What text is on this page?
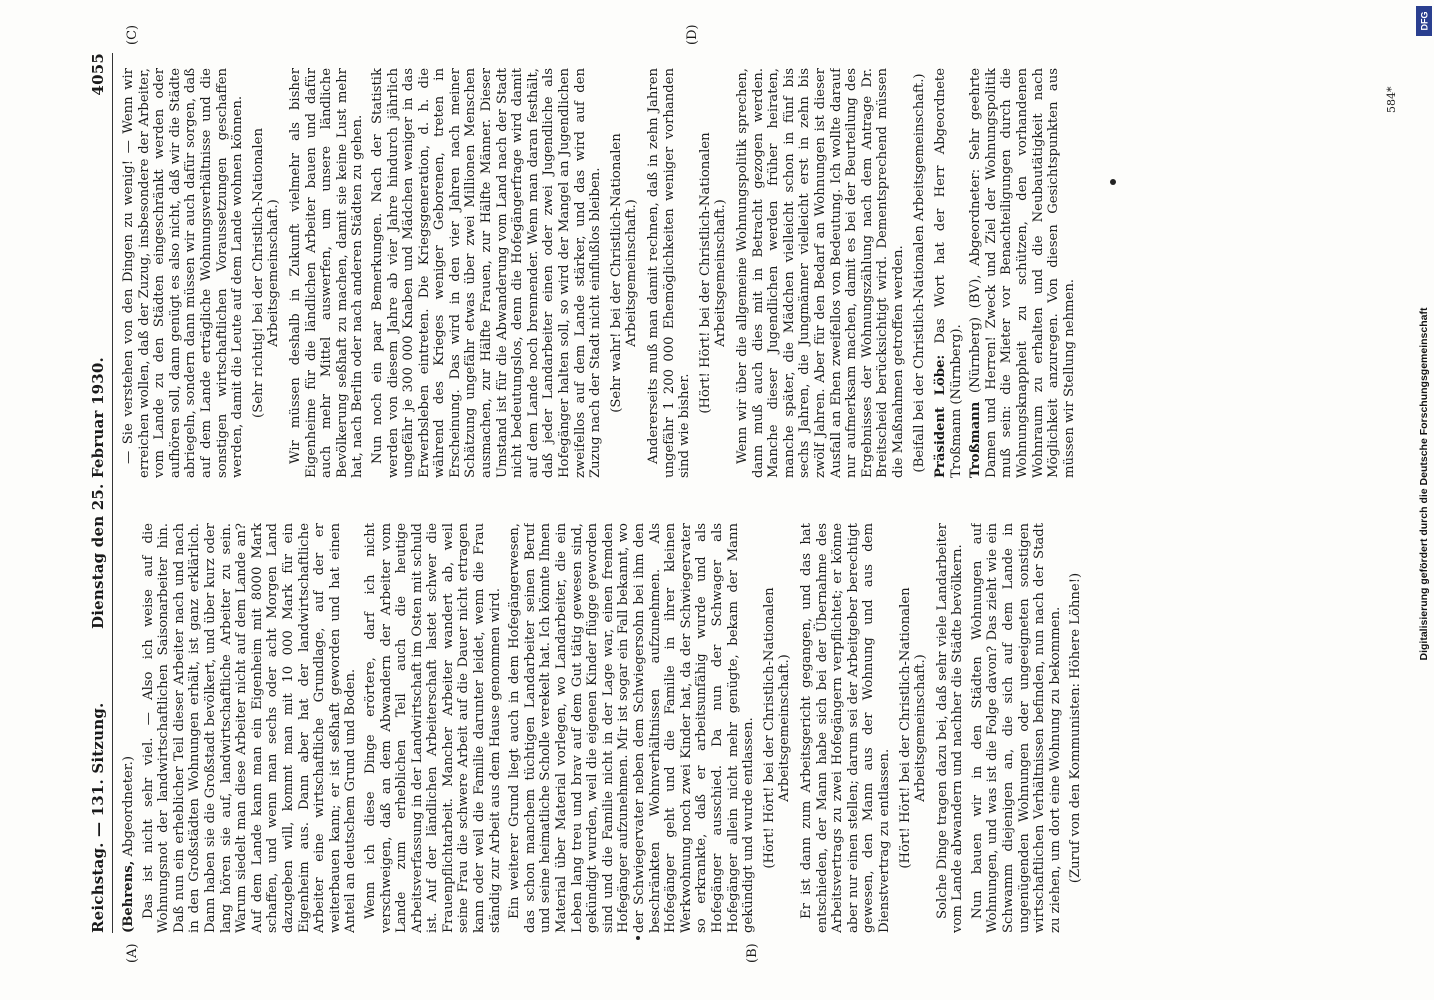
Reichstag. — 131. Sitzung.
Dienstag den 25. Februar 1930.
4055

(Behrens, Abgeordneter.) Das ist nicht sehr viel. — Also ich weise auf die Wohnungsnot der landwirtschaftlichen Saisonarbeiter hin. Daß nun ein erheblicher Teil dieser Arbeiter nach und nach in den Großstädten Wohnungen erhält, ist ganz erklärlich. Dann haben sie die Großstadt bevölkert, und über kurz oder lang hören sie auf, landwirtschaftliche Arbeiter zu sein. Warum siedelt man diese Arbeiter nicht auf dem Lande an? Auf dem Lande kann man ein Eigenheim mit 8000 Mark schaffen, und wenn man sechs oder acht Morgen Land dazugeben will, kommt man mit 10 000 Mark für ein Eigenheim aus. Dann aber hat der landwirtschaftliche Arbeiter eine wirtschaftliche Grundlage, auf der er weiterbauen kann; er ist seßhaft geworden und hat einen Anteil an deutschem Grund und Boden. Wenn ich diese Dinge erörtere, darf ich nicht verschweigen, daß an dem Abwandern der Arbeiter vom Lande zum erheblichen Teil auch die heutige Arbeitsverfassung in der Landwirtschaft im Osten mit schuld ist. Auf der ländlichen Arbeiterschaft lastet schwer die Frauenpflichtarbeit. Mancher Arbeiter wandert ab, weil seine Frau die schwere Arbeit auf die Dauer nicht ertragen kann oder weil die Familie darunter leidet, wenn die Frau ständig zur Arbeit aus dem Hause genommen wird. Ein weiterer Grund liegt auch in dem Hofegängerwesen, das schon manchem tüchtigen Landarbeiter seinen Beruf und seine heimatliche Scholle verekelt hat. Ich könnte Ihnen Material über Material vorlegen, wo Landarbeiter, die ein Leben lang treu und brav auf dem Gut tätig gewesen sind, gekündigt wurden, weil die eigenen Kinder flügge geworden sind und die Familie nicht in der Lage war, einen fremden Hofegänger aufzunehmen. Mir ist sogar ein Fall bekannt, wo der Schwiegervater neben dem Schwiegersohn bei ihm den beschränkten Wohnverhältnissen aufzunehmen. Als Hofegänger geht und die Familie in ihrer kleinen Werkwohnung noch zwei Kinder hat, da der Schwiegervater so erkrankte, daß er arbeitsunfähig wurde und als Hofegänger ausschied. Da nun der Schwager als Hofegänger allein nicht mehr genügte, bekam der Mann gekündigt und wurde entlassen. (Hört! Hört! bei der Christlich-Nationalen Arbeitsgemeinschaft.) Er ist dann zum Arbeitsgericht gegangen, und das hat entschieden, der Mann habe sich bei der Übernahme des Arbeitsvertrags zu zwei Hofegängern verpflichtet; er könne aber nur einen stellen; darum sei der Arbeitgeber berechtigt gewesen, den Mann aus der Wohnung und aus dem Dienstvertrag zu entlassen. (Hört! Hört! bei der Christlich-Nationalen Arbeitsgemeinschaft.) Solche Dinge tragen dazu bei, daß sehr viele Landarbeiter vom Lande abwandern und nachher die Städte bevölkern. Nun bauen wir in den Städten Wohnungen auf Wohnungen, und was ist die Folge davon? Das zieht wie ein Schwamm diejenigen an, die sich auf dem Lande in ungenügenden Wohnungen oder ungeeigneten sonstigen wirtschaftlichen Verhältnissen befinden, nun nach der Stadt zu ziehen, um dort eine Wohnung zu bekommen. (Zuruf von den Kommunisten: Höhere Löhne!)

— Sie verstehen von den Dingen zu wenig! — Wenn wir erreichen wollen, daß der Zuzug, insbesondere der Arbeiter, vom Lande zu den Städten eingeschränkt werden oder aufhören soll, dann genügt es also nicht, daß wir die Städte abriegeln, sondern dann müssen wir auch dafür sorgen, daß auf dem Lande erträgliche Wohnungsverhältnisse und die sonstigen wirtschaftlichen Voraussetzungen geschaffen werden, damit die Leute auf dem Lande wohnen können. (Sehr richtig! bei der Christlich-Nationalen Arbeitsgemeinschaft.) Wir müssen deshalb in Zukunft vielmehr als bisher Eigenheime für die ländlichen Arbeiter bauen und dafür auch mehr Mittel auswerfen, um unsere ländliche Bevölkerung seßhaft zu machen, damit sie keine Lust mehr hat, nach Berlin oder nach anderen Städten zu gehen. Nun noch ein paar Bemerkungen. Nach der Statistik werden von diesem Jahre ab vier Jahre hindurch jährlich ungefähr je 300 000 Knaben und Mädchen weniger in das Erwerbsleben eintreten. Die Kriegsgeneration, d. h. die während des Krieges weniger Geborenen, treten in Erscheinung. Das wird in den vier Jahren nach meiner Schätzung ungefähr etwas über zwei Millionen Menschen ausmachen, zur Hälfte Frauen, zur Hälfte Männer. Dieser Umstand ist für die Abwanderung vom Land nach der Stadt nicht bedeutungslos, denn die Hofegängerfrage wird damit auf dem Lande noch brennender. Wenn man daran festhält, daß jeder Landarbeiter einen oder zwei Jugendliche als Hofegänger halten soll, so wird der Mangel an Jugendlichen zweifellos auf dem Lande stärker, und das wird auf den Zuzug nach der Stadt nicht einflußlos bleiben. (Sehr wahr! bei der Christlich-Nationalen Arbeitsgemeinschaft.) Andererseits muß man damit rechnen, daß in zehn Jahren ungefähr 1 200 000 Ehemöglichkeiten weniger vorhanden sind wie bisher.

(Hört! Hört! bei der Christlich-Nationalen Arbeitsgemeinschaft.) Wenn wir über die allgemeine Wohnungspolitik sprechen, dann muß auch dies mit in Betracht gezogen werden. Manche dieser Jugendlichen werden früher heiraten, manche später, die Mädchen vielleicht schon in fünf bis sechs Jahren, die Jungmänner vielleicht erst in zehn bis zwölf Jahren. Aber für den Bedarf an Wohnungen ist dieser Ausfall an Ehen zweifellos von Bedeutung. Ich wollte darauf nur aufmerksam machen, damit es bei der Beurteilung des Ergebnisses der Wohnungszählung nach dem Antrage Dr. Breitscheid berücksichtigt wird. Dementsprechend müssen die Maßnahmen getroffen werden. (Beifall bei der Christlich-Nationalen Arbeitsgemeinschaft.) Präsident Löbe: Das Wort hat der Herr Abgeordnete Troßmann (Nürnberg). Troßmann (Nürnberg) (BV), Abgeordneter: Sehr geehrte Damen und Herren! Zweck und Ziel der Wohnungspolitik muß sein: die Mieter vor Benachteiligungen durch die Wohnungsknappheit zu schützen, den vorhandenen Wohnraum zu erhalten und die Neubautätigkeit nach Möglichkeit anzuregen. Von diesen Gesichtspunkten aus müssen wir Stellung nehmen.

(A)	(B)
(C)	(D)
584*
DFG
Digitalisierung gefördert durch die Deutsche Forschungsgemeinschaft
